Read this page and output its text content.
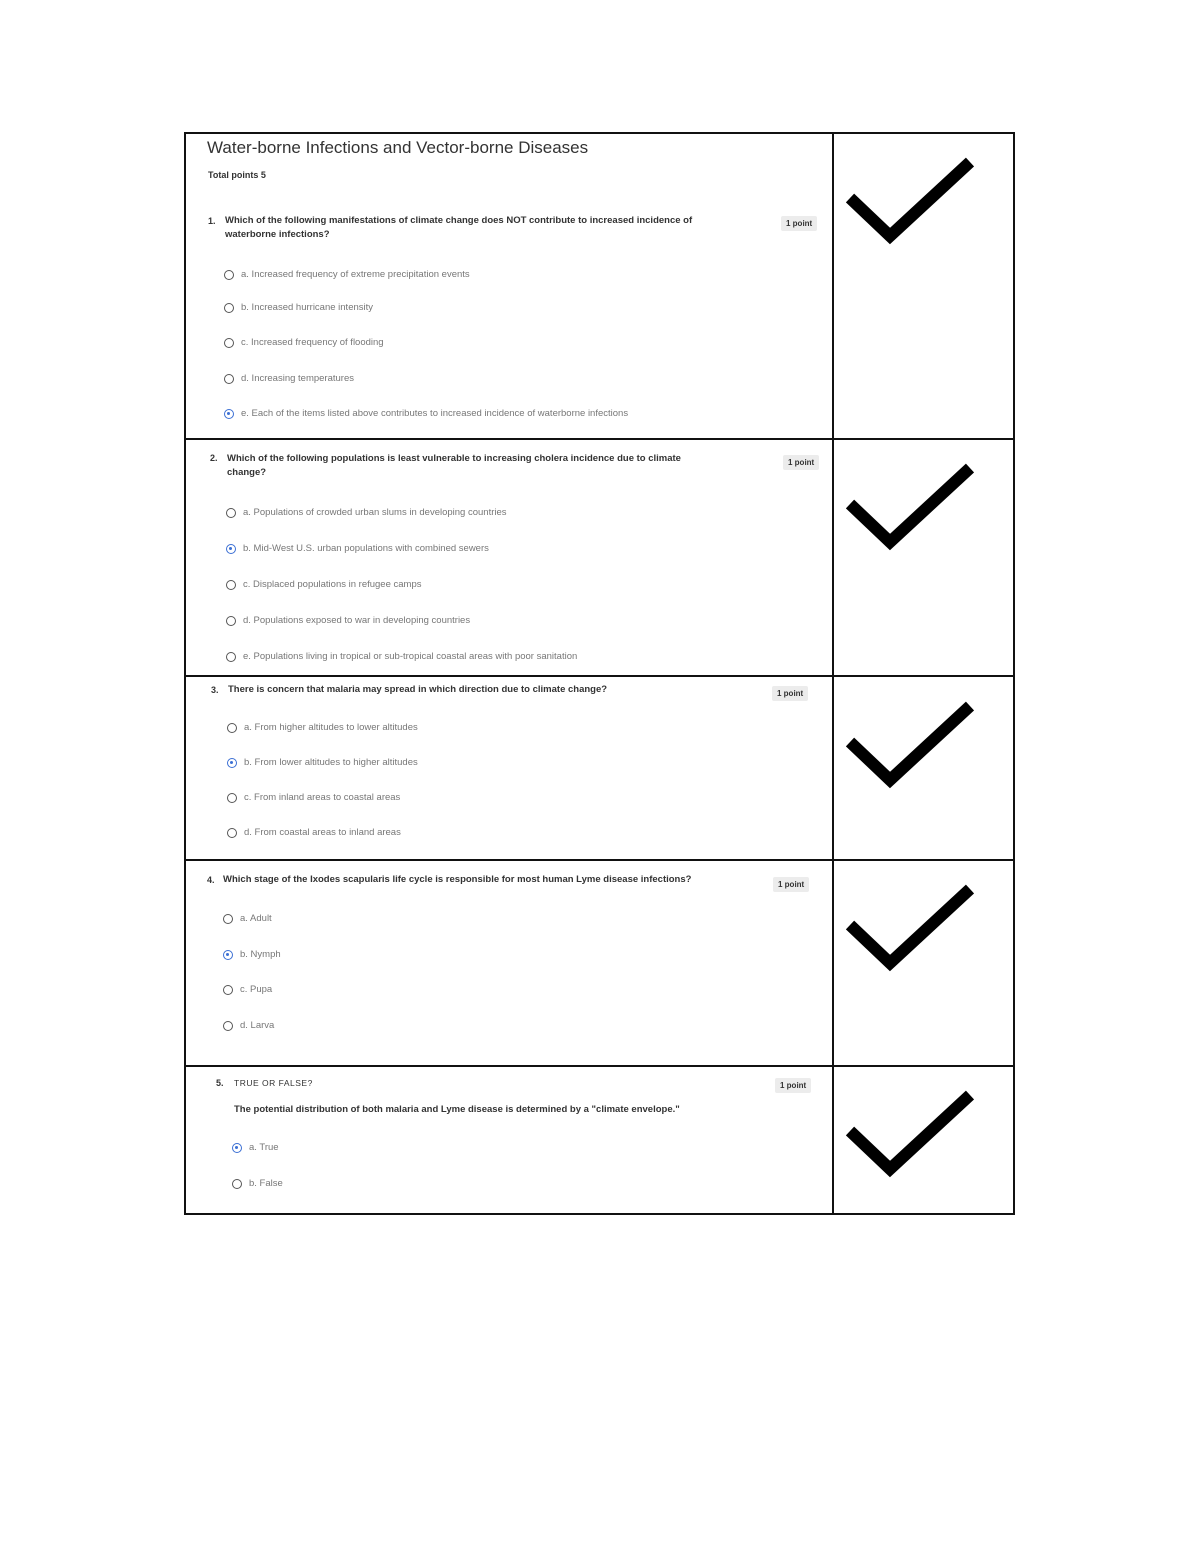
Water-borne Infections and Vector-borne Diseases
Total points 5
1. Which of the following manifestations of climate change does NOT contribute to increased incidence of waterborne infections?
1 point
a. Increased frequency of extreme precipitation events
b. Increased hurricane intensity
c. Increased frequency of flooding
d. Increasing temperatures
e. Each of the items listed above contributes to increased incidence of waterborne infections
2. Which of the following populations is least vulnerable to increasing cholera incidence due to climate change?
1 point
a. Populations of crowded urban slums in developing countries
b. Mid-West U.S. urban populations with combined sewers
c. Displaced populations in refugee camps
d. Populations exposed to war in developing countries
e. Populations living in tropical or sub-tropical coastal areas with poor sanitation
3. There is concern that malaria may spread in which direction due to climate change?	1 point
a. From higher altitudes to lower altitudes
b. From lower altitudes to higher altitudes
c. From inland areas to coastal areas
d. From coastal areas to inland areas
4. Which stage of the Ixodes scapularis life cycle is responsible for most human Lyme disease infections?	1 point
a. Adult
b. Nymph
c. Pupa
d. Larva
5. TRUE OR FALSE?	1 point
The potential distribution of both malaria and Lyme disease is determined by a "climate envelope."
a. True
b. False
